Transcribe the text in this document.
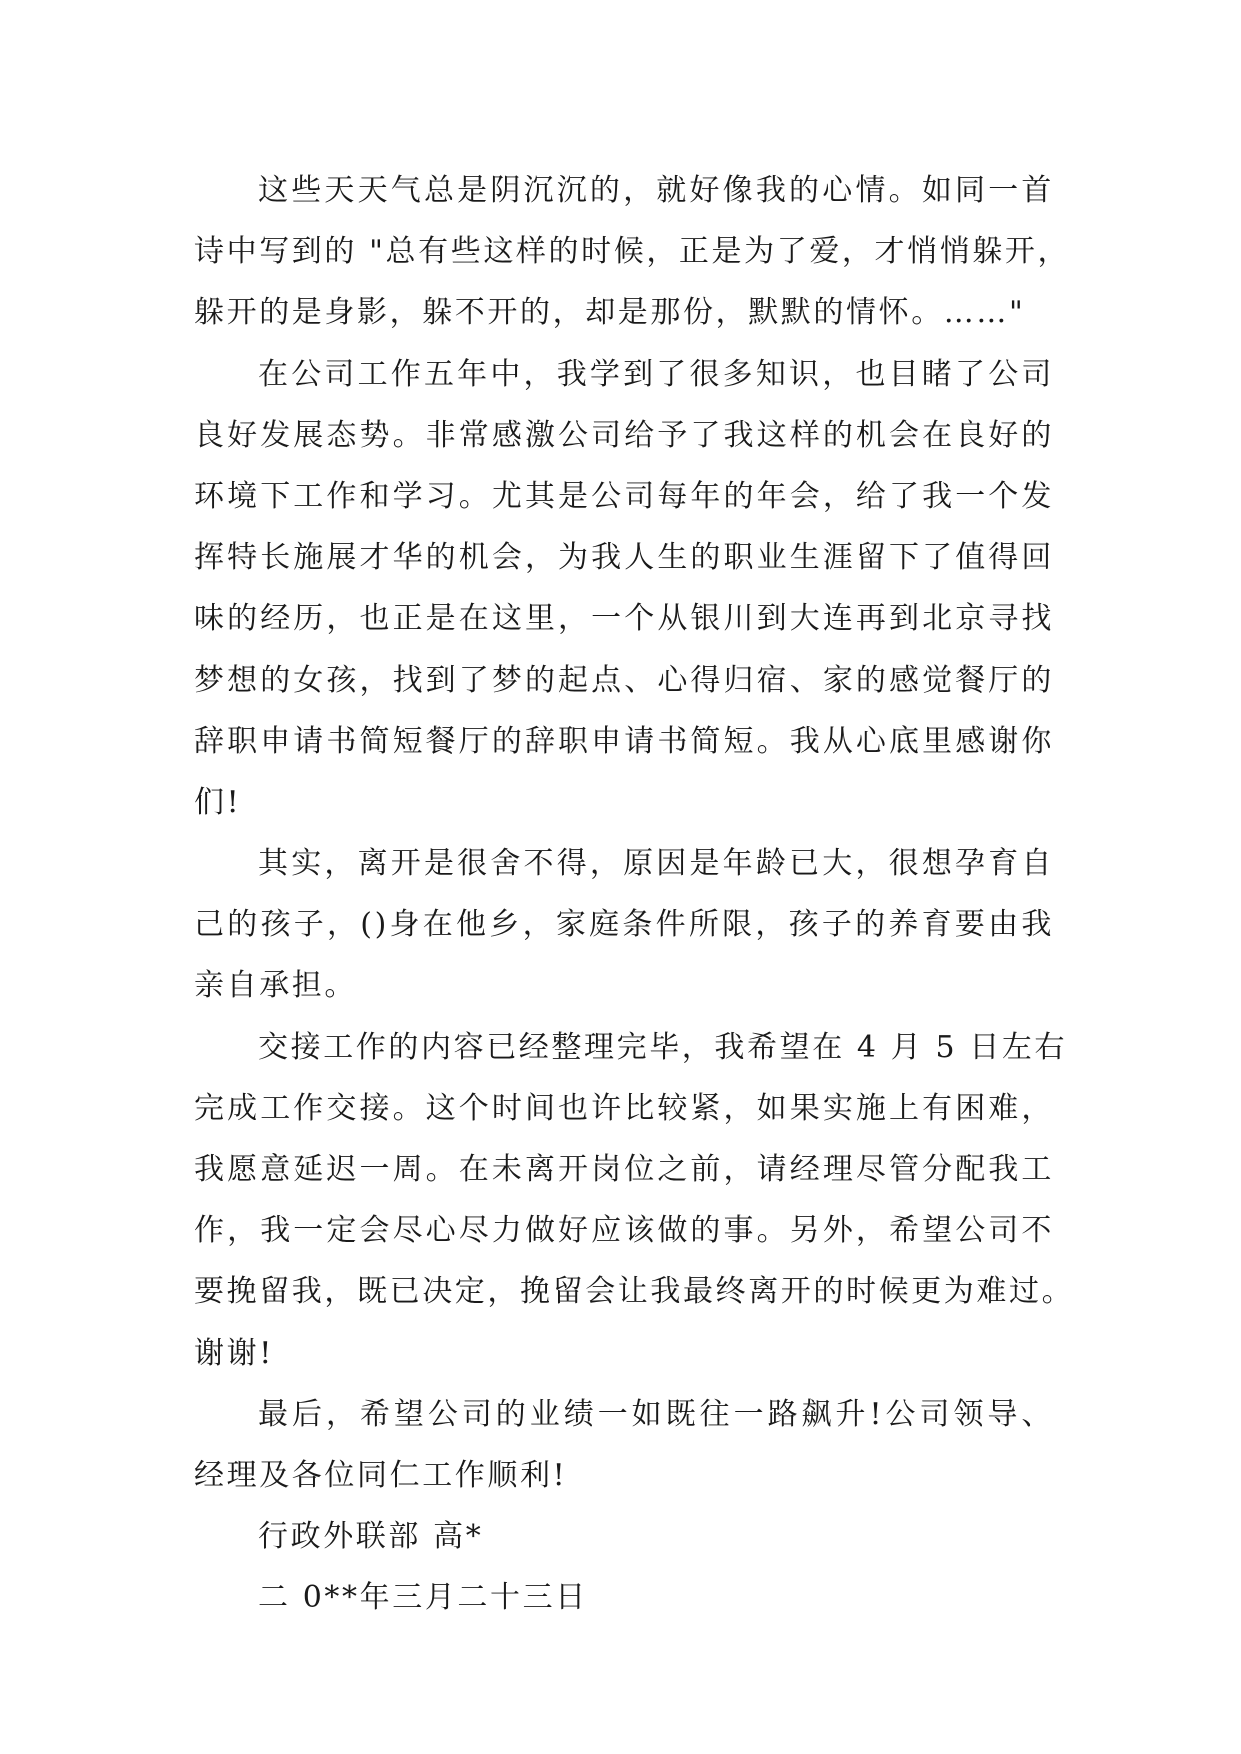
这些天天气总是阴沉沉的，就好像我的心情。如同一首
诗中写到的 "总有些这样的时候，正是为了爱，才悄悄躲开，
躲开的是身影，躲不开的，却是那份，默默的情怀。……"
在公司工作五年中，我学到了很多知识，也目睹了公司
良好发展态势。非常感激公司给予了我这样的机会在良好的
环境下工作和学习。尤其是公司每年的年会，给了我一个发
挥特长施展才华的机会，为我人生的职业生涯留下了值得回
味的经历，也正是在这里，一个从银川到大连再到北京寻找
梦想的女孩，找到了梦的起点、心得归宿、家的感觉餐厅的
辞职申请书简短餐厅的辞职申请书简短。我从心底里感谢你
们!
其实，离开是很舍不得，原因是年龄已大，很想孕育自
己的孩子，()身在他乡，家庭条件所限，孩子的养育要由我
亲自承担。
交接工作的内容已经整理完毕，我希望在 4 月 5 日左右
完成工作交接。这个时间也许比较紧，如果实施上有困难，
我愿意延迟一周。在未离开岗位之前，请经理尽管分配我工
作，我一定会尽心尽力做好应该做的事。另外，希望公司不
要挽留我，既已决定，挽留会让我最终离开的时候更为难过。
谢谢!
最后，希望公司的业绩一如既往一路飙升!公司领导、
经理及各位同仁工作顺利!
行政外联部 高*
二 0**年三月二十三日
